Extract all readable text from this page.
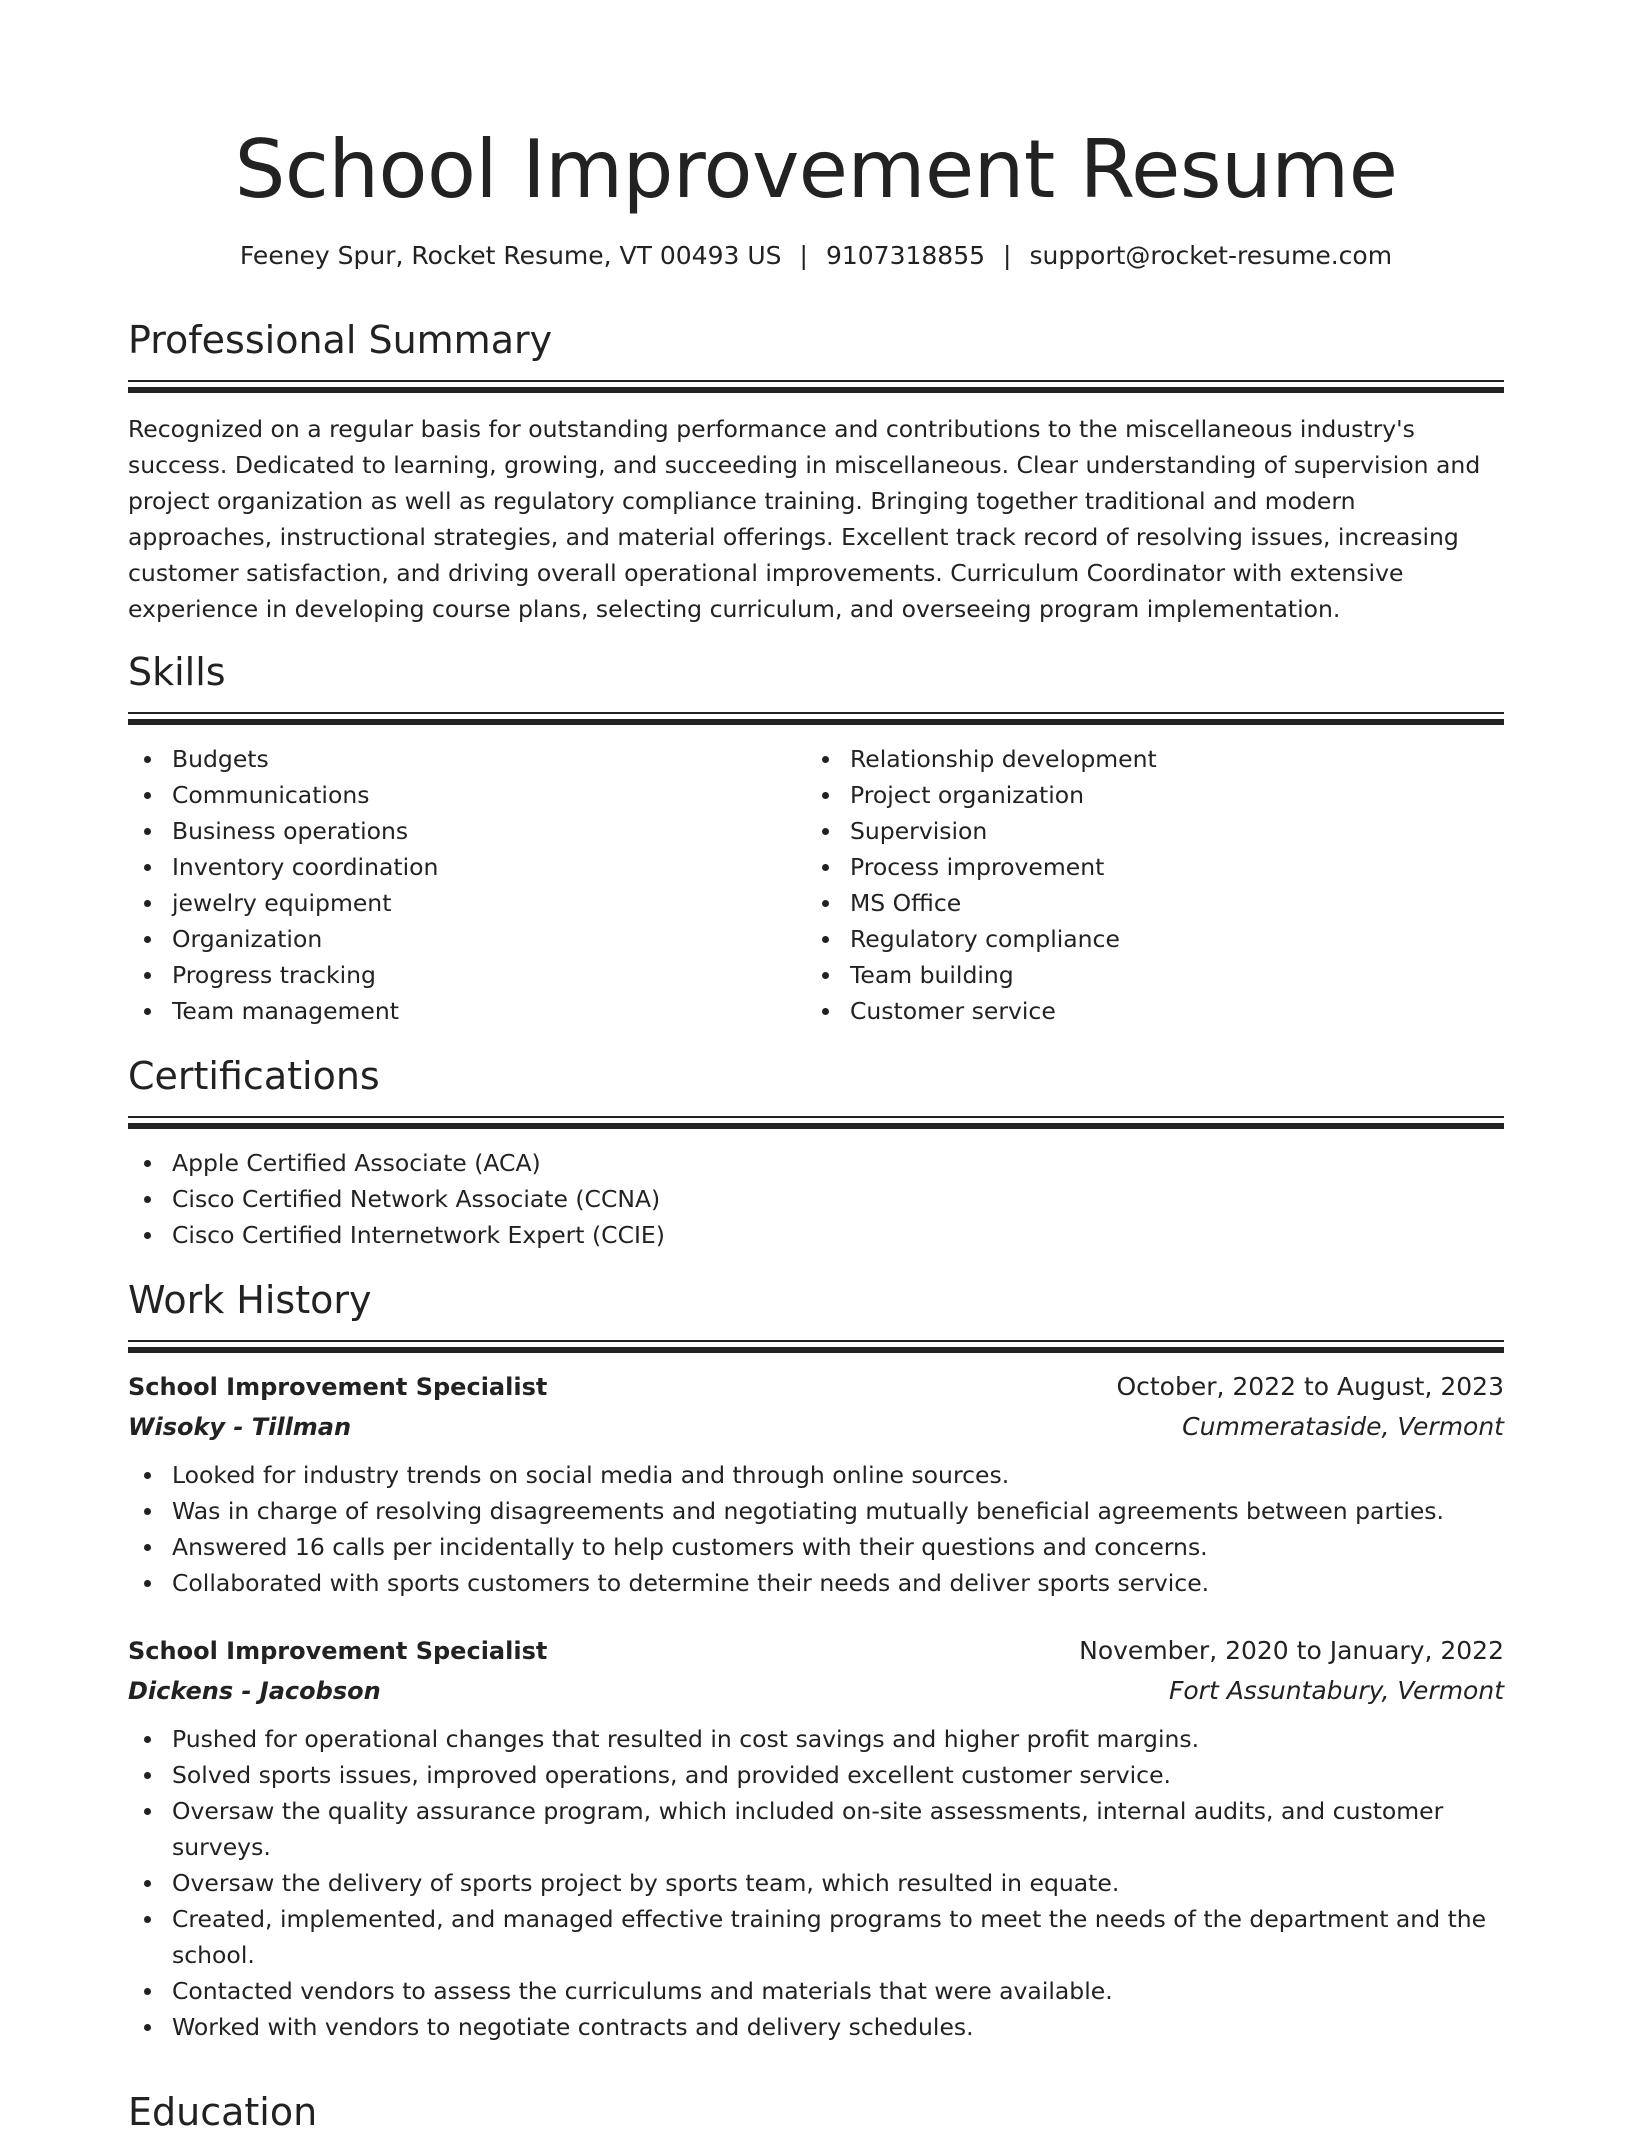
School Improvement Resume
Feeney Spur, Rocket Resume, VT 00493 US | 9107318855 | support@rocket-resume.com
Professional Summary

Recognized on a regular basis for outstanding performance and contributions to the miscellaneous industry's success. Dedicated to learning, growing, and succeeding in miscellaneous. Clear understanding of supervision and project organization as well as regulatory compliance training. Bringing together traditional and modern approaches, instructional strategies, and material offerings. Excellent track record of resolving issues, increasing customer satisfaction, and driving overall operational improvements. Curriculum Coordinator with extensive experience in developing course plans, selecting curriculum, and overseeing program implementation.

Skills
Budgets
Communications
Business operations
Inventory coordination
jewelry equipment
Organization
Progress tracking
Team management
Relationship development
Project organization
Supervision
Process improvement
MS Office
Regulatory compliance
Team building
Customer service
Certifications
Apple Certified Associate (ACA)
Cisco Certified Network Associate (CCNA)
Cisco Certified Internetwork Expert (CCIE)
Work History
School Improvement Specialist	October, 2022 to August, 2023
Wisoky - Tillman	Cummerataside, Vermont
Looked for industry trends on social media and through online sources.
Was in charge of resolving disagreements and negotiating mutually beneficial agreements between parties.
Answered 16 calls per incidentally to help customers with their questions and concerns.
Collaborated with sports customers to determine their needs and deliver sports service.
School Improvement Specialist	November, 2020 to January, 2022
Dickens - Jacobson	Fort Assuntabury, Vermont
Pushed for operational changes that resulted in cost savings and higher profit margins.
Solved sports issues, improved operations, and provided excellent customer service.
Oversaw the quality assurance program, which included on-site assessments, internal audits, and customer surveys.
Oversaw the delivery of sports project by sports team, which resulted in equate.
Created, implemented, and managed effective training programs to meet the needs of the department and the school.
Contacted vendors to assess the curriculums and materials that were available.
Worked with vendors to negotiate contracts and delivery schedules.
Education
